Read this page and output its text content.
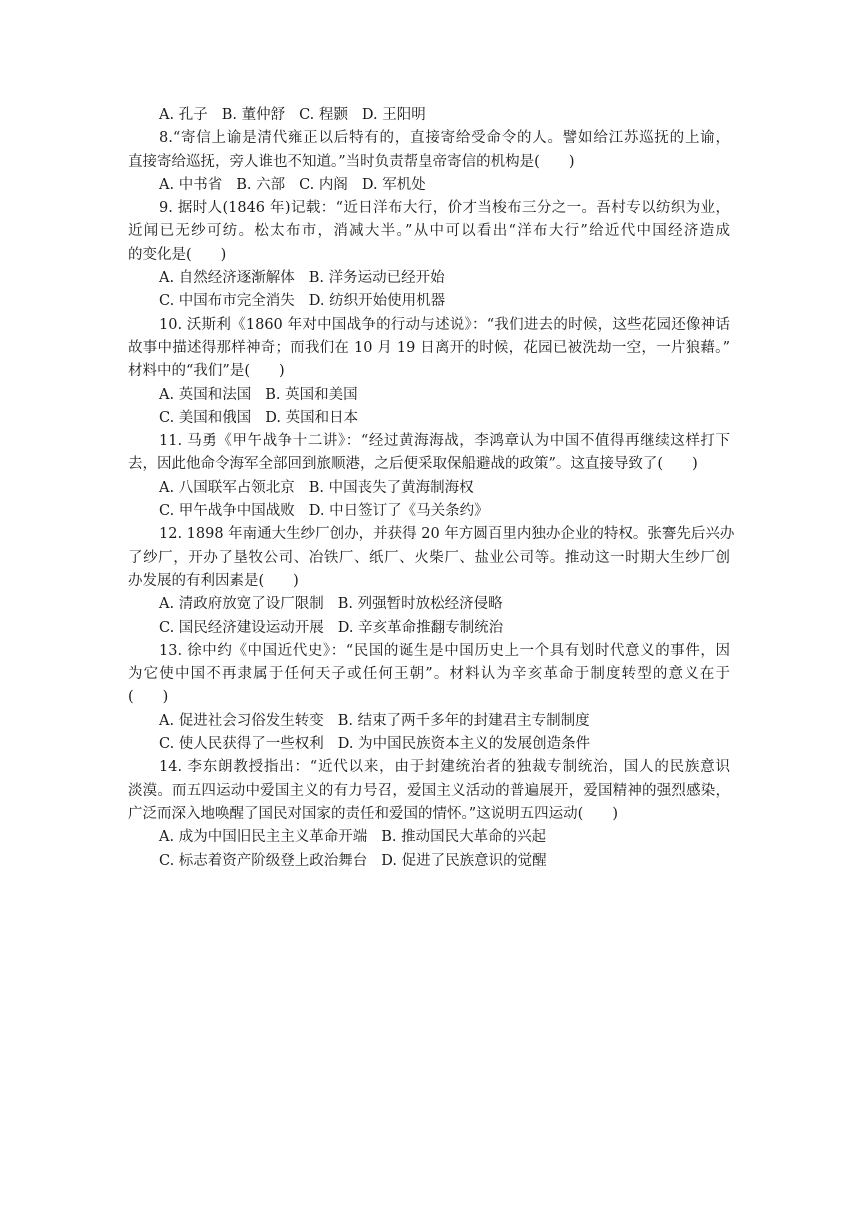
A. 孔子 B. 董仲舒 C. 程颢 D. 王阳明
8.“寄信上谕是清代雍正以后特有的，直接寄给受命令的人。譬如给江苏巡抚的上谕，
直接寄给巡抚，旁人谁也不知道。”当时负责帮皇帝寄信的机构是(　　)
A. 中书省 B. 六部 C. 内阁 D. 军机处
9. 据时人(1846 年)记载：“近日洋布大行，价才当梭布三分之一。吾村专以纺织为业，
近闻已无纱可纺。松太布市，消减大半。”从中可以看出“洋布大行”给近代中国经济造成
的变化是(　　)
A. 自然经济逐渐解体 B. 洋务运动已经开始
C. 中国布市完全消失 D. 纺织开始使用机器
10. 沃斯利《1860 年对中国战争的行动与述说》：“我们进去的时候，这些花园还像神话
故事中描述得那样神奇；而我们在 10 月 19 日离开的时候，花园已被洗劫一空，一片狼藉。”
材料中的“我们”是(　　)
A. 英国和法国 B. 英国和美国
C. 美国和俄国 D. 英国和日本
11. 马勇《甲午战争十二讲》：“经过黄海海战，李鸿章认为中国不值得再继续这样打下
去，因此他命令海军全部回到旅顺港，之后便采取保船避战的政策”。这直接导致了(　　)
A. 八国联军占领北京 B. 中国丧失了黄海制海权
C. 甲午战争中国战败 D. 中日签订了《马关条约》
12. 1898 年南通大生纱厂创办，并获得 20 年方圆百里内独办企业的特权。张謇先后兴办
了纱厂，开办了垦牧公司、冶铁厂、纸厂、火柴厂、盐业公司等。推动这一时期大生纱厂创
办发展的有利因素是(　　)
A. 清政府放宽了设厂限制 B. 列强暂时放松经济侵略
C. 国民经济建设运动开展 D. 辛亥革命推翻专制统治
13. 徐中约《中国近代史》：“民国的诞生是中国历史上一个具有划时代意义的事件，因
为它使中国不再隶属于任何天子或任何王朝”。材料认为辛亥革命于制度转型的意义在于
(　　)
A. 促进社会习俗发生转变 B. 结束了两千多年的封建君主专制制度
C. 使人民获得了一些权利 D. 为中国民族资本主义的发展创造条件
14. 李东朗教授指出：“近代以来，由于封建统治者的独裁专制统治，国人的民族意识
淡漠。而五四运动中爱国主义的有力号召，爱国主义活动的普遍展开，爱国精神的强烈感染，
广泛而深入地唤醒了国民对国家的责任和爱国的情怀。”这说明五四运动(　　)
A. 成为中国旧民主主义革命开端 B. 推动国民大革命的兴起
C. 标志着资产阶级登上政治舞台 D. 促进了民族意识的觉醒
